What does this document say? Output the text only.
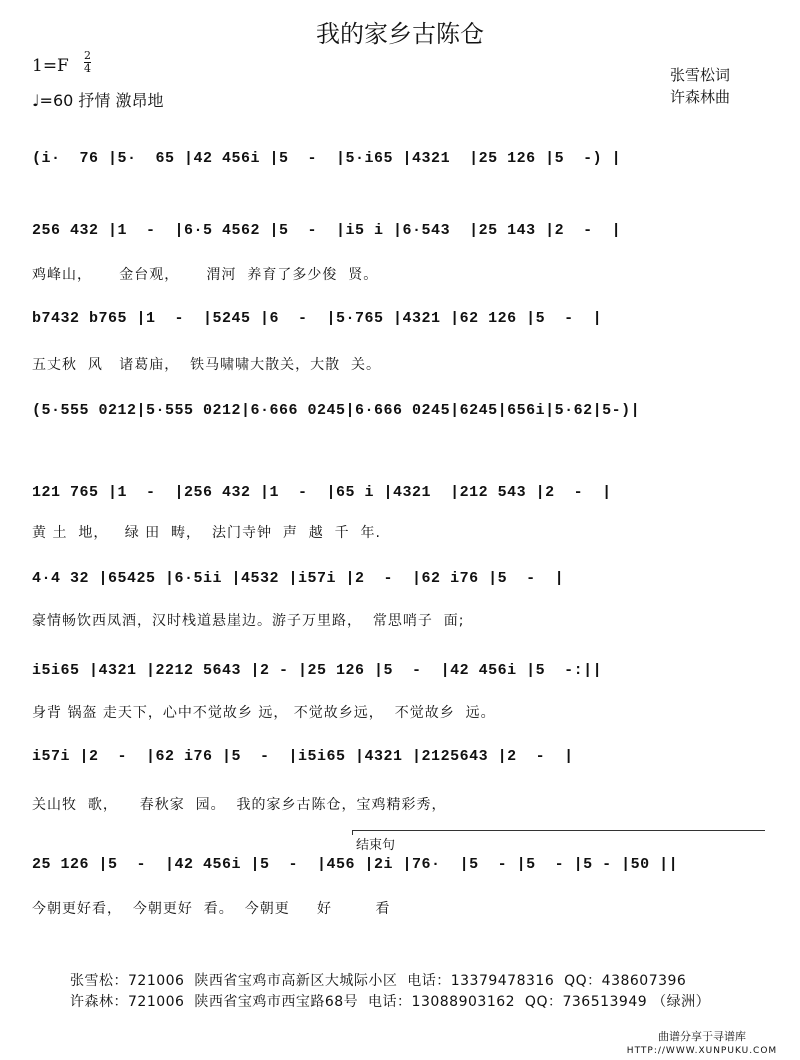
我的家乡古陈仓
1=F
2
4
♩=60 抒情 激昂地
张雪松词
许森林曲
(i·  76 |5·  65 |42 456i |5  -  |5·i65 |4321  |25 126 |5  -) |
256 432 |1  -  |6·5 4562 |5  -  |i5 i |6·543  |25 143 |2  -  |
鸡峰山，     金台观，     渭河  养育了多少俊  贤。
b7432 b765 |1  -  |5245 |6  -  |5·765 |4321 |62 126 |5  -  |
五丈秋  风   诸葛庙，  铁马啸啸大散关，大散  关。
(5·555 0212|5·555 0212|6·666 0245|6·666 0245|6245|656i|5·62|5-)|
121 765 |1  -  |256 432 |1  -  |65 i |4321  |212 543 |2  -  |
黄 土  地，   绿 田  畴，  法门寺钟  声  越  千  年.
4·4 32 |65425 |6·5ii |4532 |i57i |2  -  |62 i76 |5  -  |
豪情畅饮西凤酒，汉时栈道悬崖边。游子万里路，  常思哨子  面;
i5i65 |4321 |2212 5643 |2 - |25 126 |5  -  |42 456i |5  -:||
身背 锅盔 走天下，心中不觉故乡 远， 不觉故乡远，  不觉故乡  远。
i57i |2  -  |62 i76 |5  -  |i5i65 |4321 |2125643 |2  -  |
关山牧  歌，    春秋家  园。  我的家乡古陈仓，宝鸡精彩秀，
结束句
25 126 |5  -  |42 456i |5  -  |456 |2i |76·  |5  - |5  - |5 - |50 ||
今朝更好看，  今朝更好  看。  今朝更     好        看
张雪松：721006  陕西省宝鸡市高新区大城际小区  电话：13379478316  QQ：438607396
许森林：721006  陕西省宝鸡市西宝路68号  电话：13088903162  QQ：736513949 （绿洲）
曲谱分享于寻谱库
HTTP://WWW.XUNPUKU.COM
